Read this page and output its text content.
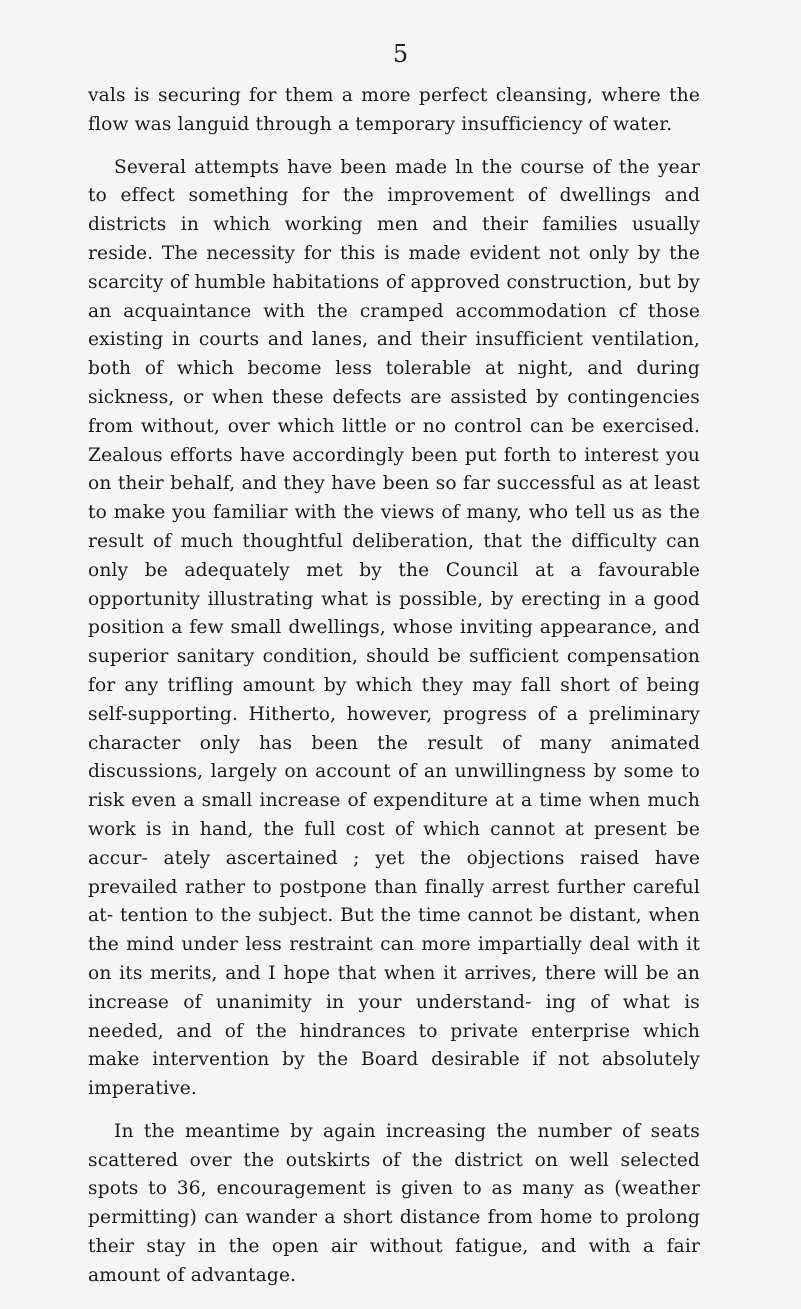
5

vals is securing for them a more perfect cleansing, where the flow was languid through a temporary insufficiency of water.

Several attempts have been made ln the course of the year to effect something for the improvement of dwellings and districts in which working men and their families usually reside. The necessity for this is made evident not only by the scarcity of humble habitations of approved construction, but by an acquaintance with the cramped accommodation cf those existing in courts and lanes, and their insufficient ventilation, both of which become less tolerable at night, and during sickness, or when these defects are assisted by contingencies from without, over which little or no control can be exercised. Zealous efforts have accordingly been put forth to interest you on their behalf, and they have been so far successful as at least to make you familiar with the views of many, who tell us as the result of much thoughtful deliberation, that the difficulty can only be adequately met by the Council at a favourable opportunity illustrating what is possible, by erecting in a good position a few small dwellings, whose inviting appearance, and superior sanitary condition, should be sufficient compensation for any trifling amount by which they may fall short of being self-supporting. Hitherto, however, progress of a preliminary character only has been the result of many animated discussions, largely on account of an unwillingness by some to risk even a small increase of expenditure at a time when much work is in hand, the full cost of which cannot at present be accur- ately ascertained ; yet the objections raised have prevailed rather to postpone than finally arrest further careful at- tention to the subject. But the time cannot be distant, when the mind under less restraint can more impartially deal with it on its merits, and I hope that when it arrives, there will be an increase of unanimity in your understand- ing of what is needed, and of the hindrances to private enterprise which make intervention by the Board desirable if not absolutely imperative.

In the meantime by again increasing the number of seats scattered over the outskirts of the district on well selected spots to 36, encouragement is given to as many as (weather permitting) can wander a short distance from home to prolong their stay in the open air without fatigue, and with a fair amount of advantage.
